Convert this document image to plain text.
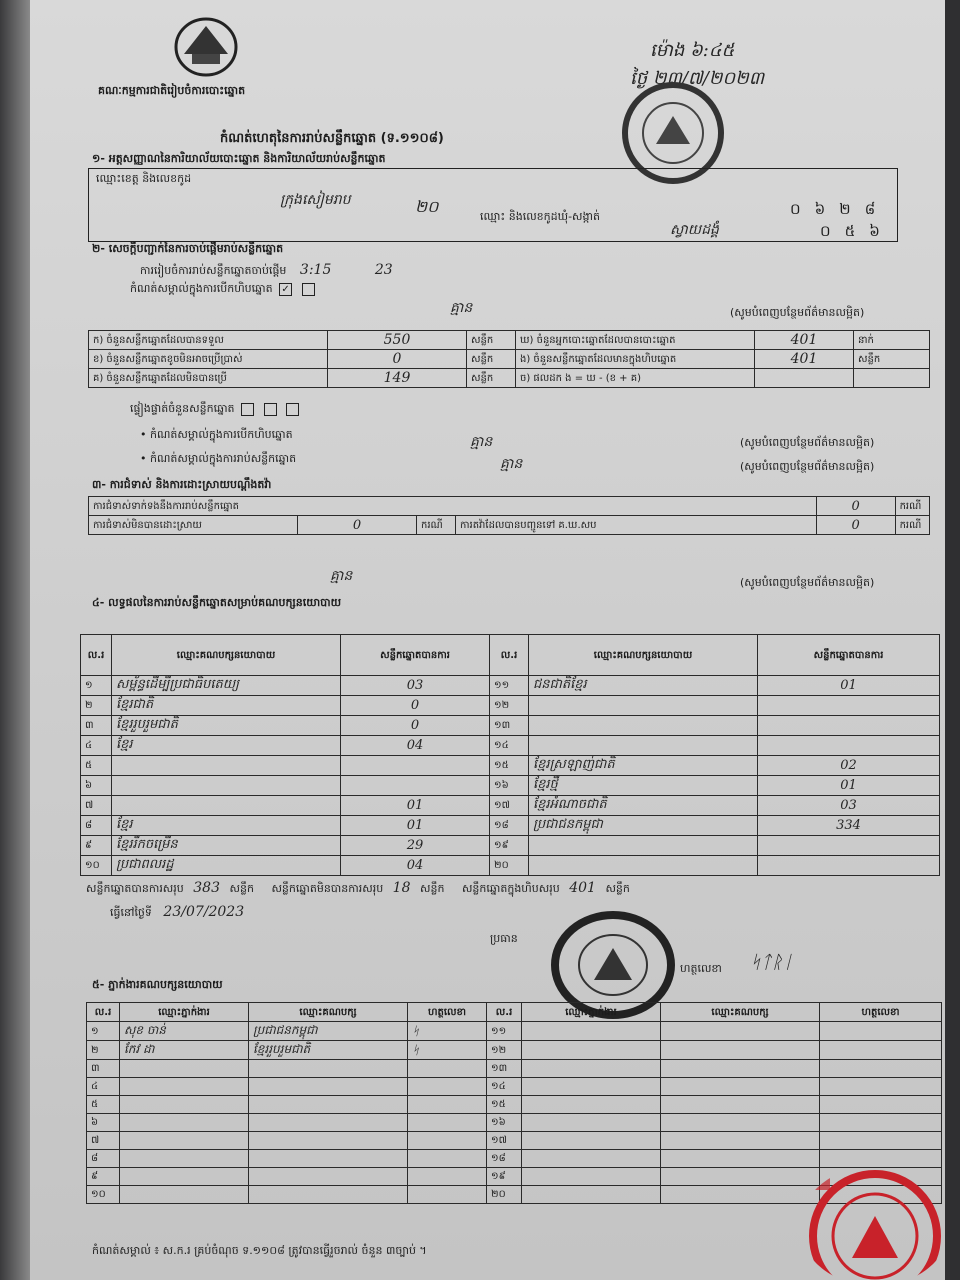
គណៈកម្មការជាតិរៀបចំការបោះឆ្នោត
ម៉ោង ៦:៤៥
ថ្ងៃ ២៣/៧/២០២៣
កំណត់ហេតុនៃការរាប់សន្លឹកឆ្នោត (ទ.១១០៨)
១- អត្តសញ្ញាណនៃការិយាល័យបោះឆ្នោត និងការិយាល័យរាប់សន្លឹកឆ្នោត
ឈ្មោះខេត្ត និងលេខកូដ
ក្រុងសៀមរាប	២០
ឈ្មោះ និងលេខកូដឃុំ-សង្កាត់	០៦២៨
ស្វាយដង្គំ	០៥៦
២- សេចក្ដីបញ្ជាក់នៃការចាប់ផ្ដើមរាប់សន្លឹកឆ្នោត
ការរៀបចំការរាប់សន្លឹកឆ្នោតចាប់ផ្ដើម 3:15	23
កំណត់សម្គាល់ក្នុងការបើកហិបឆ្នោត ✓
គ្មាន	(សូមបំពេញបន្ថែមព័ត៌មានលម្អិត)
ក) ចំនួនសន្លឹកឆ្នោតដែលបានទទួល	550	សន្លឹក	ឃ) ចំនួនអ្នកបោះឆ្នោតដែលបានបោះឆ្នោត	401	នាក់
ខ) ចំនួនសន្លឹកឆ្នោតខូចមិនអាចប្រើប្រាស់	0	សន្លឹក	ង) ចំនួនសន្លឹកឆ្នោតដែលមានក្នុងហិបឆ្នោត	401	សន្លឹក
គ) ចំនួនសន្លឹកឆ្នោតដែលមិនបានប្រើ	149	សន្លឹក	ច) ផលដក ង = ឃ - (ខ + គ)		
ផ្ទៀងផ្ទាត់ចំនួនសន្លឹកឆ្នោត
• កំណត់សម្គាល់ក្នុងការបើកហិបឆ្នោត	គ្មាន	(សូមបំពេញបន្ថែមព័ត៌មានលម្អិត)
• កំណត់សម្គាល់ក្នុងការរាប់សន្លឹកឆ្នោត	គ្មាន	(សូមបំពេញបន្ថែមព័ត៌មានលម្អិត)
៣- ការជំទាស់ និងការដោះស្រាយបណ្ដឹងតវ៉ា
ការជំទាស់ទាក់ទងនឹងការរាប់សន្លឹកឆ្នោត				0	ករណី
ការជំទាស់មិនបានដោះស្រាយ	0	ករណី	ការតវ៉ាដែលបានបញ្ជូនទៅ គ.ឃ.សប	0	ករណី
គ្មាន	(សូមបំពេញបន្ថែមព័ត៌មានលម្អិត)
៤- លទ្ធផលនៃការរាប់សន្លឹកឆ្នោតសម្រាប់គណបក្សនយោបាយ
ល.រ	ឈ្មោះគណបក្សនយោបាយ	សន្លឹកឆ្នោតបានការ	ល.រ	ឈ្មោះគណបក្សនយោបាយ	សន្លឹកឆ្នោតបានការ
១	សម្ព័ន្ធដើម្បីប្រជាធិបតេយ្យ	03	១១	ជនជាតិខ្មែរ	01
២	ខ្មែរជាតិ	0	១២		
៣	ខ្មែររួបរួមជាតិ	0	១៣		
៤	ខ្មែរ	04	១៤		
៥			១៥	ខ្មែរស្រឡាញ់ជាតិ	02
៦			១៦	ខ្មែរថ្មី	01
៧		01	១៧	ខ្មែរអំណាចជាតិ	03
៨	ខ្មែរ	01	១៨	ប្រជាជនកម្ពុជា	334
៩	ខ្មែររីកចម្រើន	29	១៩		
១០	ប្រជាពលរដ្ឋ	04	២០		
សន្លឹកឆ្នោតបានការសរុប 383 សន្លឹក សន្លឹកឆ្នោតមិនបានការសរុប 18 សន្លឹក សន្លឹកឆ្នោតក្នុងហិបសរុប 401 សន្លឹក
ធ្វើនៅថ្ងៃទី 23/07/2023
ប្រធាន
ហត្ថលេខា ᛋᛏᚱᛁ
៥- ភ្នាក់ងារគណបក្សនយោបាយ
ល.រ	ឈ្មោះភ្នាក់ងារ	ឈ្មោះគណបក្ស	ហត្ថលេខា	ល.រ	ឈ្មោះភ្នាក់ងារ	ឈ្មោះគណបក្ស	ហត្ថលេខា
១	សុខ ចាន់	ប្រជាជនកម្ពុជា	ᛋ	១១			
២	កែវ ដា	ខ្មែររួបរួមជាតិ	ᛋ	១២			
៣				១៣			
៤				១៤			
៥				១៥			
៦				១៦			
៧				១៧			
៨				១៨			
៩				១៩			
១០				២០			
កំណត់សម្គាល់ ៖ ស.ក.រ គ្រប់ចំណុច ទ.១១០៨ ត្រូវបានធ្វើរួចរាល់ ចំនួន ៣ច្បាប់ ។
